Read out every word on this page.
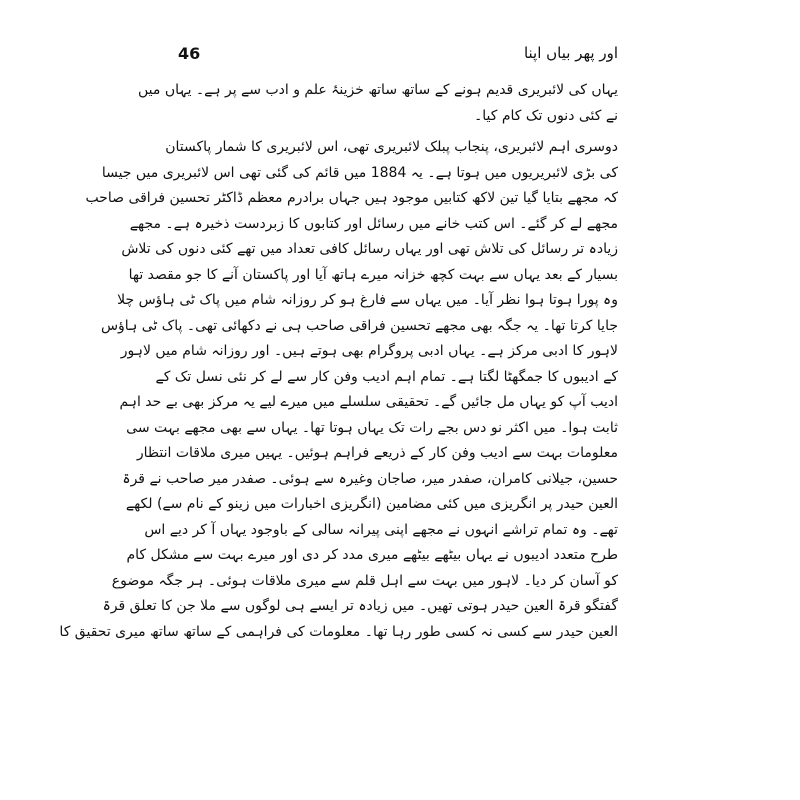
46	اور پھر بیاں اپنا
یہاں کی لائبریری قدیم ہونے کے ساتھ ساتھ خزینۂ علم و ادب سے پر ہے۔ یہاں میں
نے کئی دنوں تک کام کیا۔
دوسری اہم لائبریری، پنجاب پبلک لائبریری تھی، اس لائبریری کا شمار پاکستان
کی بڑی لائبریریوں میں ہوتا ہے۔ یہ 1884 میں قائم کی گئی تھی اس لائبریری میں جیسا
کہ مجھے بتایا گیا تین لاکھ کتابیں موجود ہیں جہاں برادرم معظم ڈاکٹر تحسین فراقی صاحب
مجھے لے کر گئے۔ اس کتب خانے میں رسائل اور کتابوں کا زبردست ذخیرہ ہے۔ مجھے
زیادہ تر رسائل کی تلاش تھی اور یہاں رسائل کافی تعداد میں تھے کئی دنوں کی تلاش
بسیار کے بعد یہاں سے بہت کچھ خزانہ میرے ہاتھ آیا اور پاکستان آنے کا جو مقصد تھا
وہ پورا ہوتا ہوا نظر آیا۔ میں یہاں سے فارغ ہو کر روزانہ شام میں پاک ٹی ہاؤس چلا
جایا کرتا تھا۔ یہ جگہ بھی مجھے تحسین فراقی صاحب ہی نے دکھائی تھی۔ پاک ٹی ہاؤس
لاہور کا ادبی مرکز ہے۔ یہاں ادبی پروگرام بھی ہوتے ہیں۔ اور روزانہ شام میں لاہور
کے ادیبوں کا جمگھٹا لگتا ہے۔ تمام اہم ادیب وفن کار سے لے کر نئی نسل تک کے
ادیب آپ کو یہاں مل جائیں گے۔ تحقیقی سلسلے میں میرے لیے یہ مرکز بھی بے حد اہم
ثابت ہوا۔ میں اکثر نو دس بجے رات تک یہاں ہوتا تھا۔ یہاں سے بھی مجھے بہت سی
معلومات بہت سے ادیب وفن کار کے ذریعے فراہم ہوئیں۔ یہیں میری ملاقات انتظار
حسین، جیلانی کامران، صفدر میر، صاجان وغیرہ سے ہوئی۔ صفدر میر صاحب نے قرۃ
العین حیدر پر انگریزی میں کئی مضامین (انگریزی اخبارات میں زینو کے نام سے) لکھے
تھے۔ وہ تمام تراشے انہوں نے مجھے اپنی پیرانہ سالی کے باوجود یہاں آ کر دیے اس
طرح متعدد ادیبوں نے یہاں بیٹھے بیٹھے میری مدد کر دی اور میرے بہت سے مشکل کام
کو آسان کر دیا۔ لاہور میں بہت سے اہل قلم سے میری ملاقات ہوئی۔ ہر جگہ موضوع
گفتگو قرۃ العین حیدر ہوتی تھیں۔ میں زیادہ تر ایسے ہی لوگوں سے ملا جن کا تعلق قرۃ
العین حیدر سے کسی نہ کسی طور رہا تھا۔ معلومات کی فراہمی کے ساتھ ساتھ میری تحقیق کا
